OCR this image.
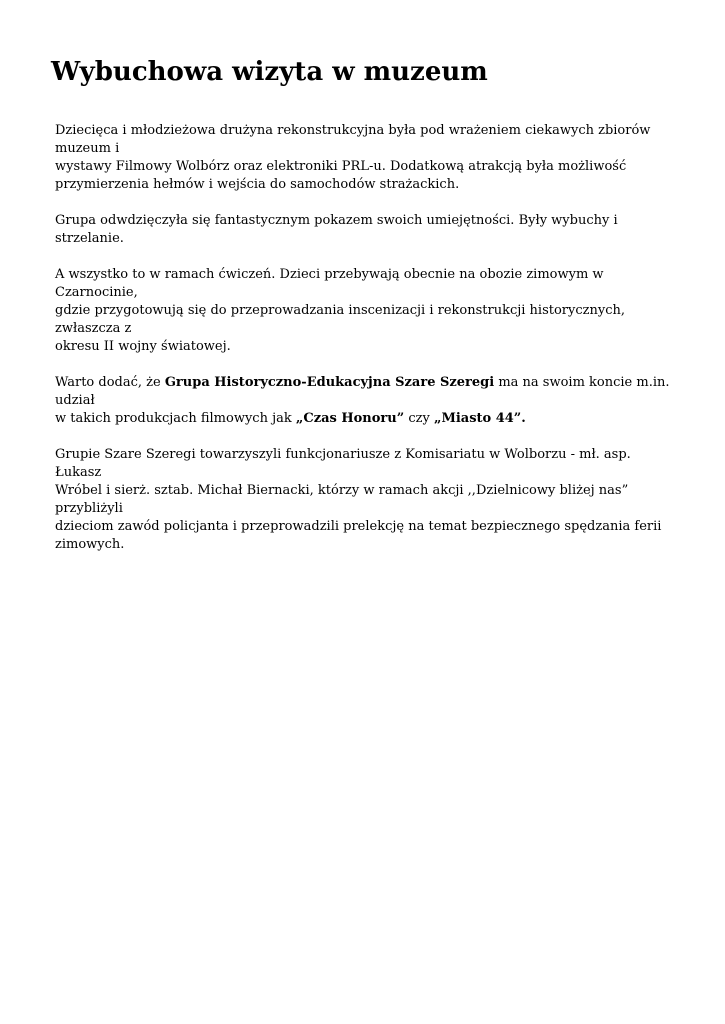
Wybuchowa wizyta w muzeum

Dziecięca i młodzieżowa drużyna rekonstrukcyjna była pod wrażeniem ciekawych zbiorów muzeum i
wystawy Filmowy Wolbórz oraz elektroniki PRL-u. Dodatkową atrakcją była możliwość
przymierzenia hełmów i wejścia do samochodów strażackich.

Grupa odwdzięczyła się fantastycznym pokazem swoich umiejętności. Były wybuchy i strzelanie.

A wszystko to w ramach ćwiczeń. Dzieci przebywają obecnie na obozie zimowym w Czarnocinie,
gdzie przygotowują się do przeprowadzania inscenizacji i rekonstrukcji historycznych, zwłaszcza z
okresu II wojny światowej.

Warto dodać, że Grupa Historyczno-Edukacyjna Szare Szeregi ma na swoim koncie m.in. udział
w takich produkcjach filmowych jak „Czas Honoru” czy „Miasto 44”.

Grupie Szare Szeregi towarzyszyli funkcjonariusze z Komisariatu w Wolborzu - mł. asp. Łukasz
Wróbel i sierż. sztab. Michał Biernacki, którzy w ramach akcji ,,Dzielnicowy bliżej nas” przybliżyli
dzieciom zawód policjanta i przeprowadzili prelekcję na temat bezpiecznego spędzania ferii
zimowych.
